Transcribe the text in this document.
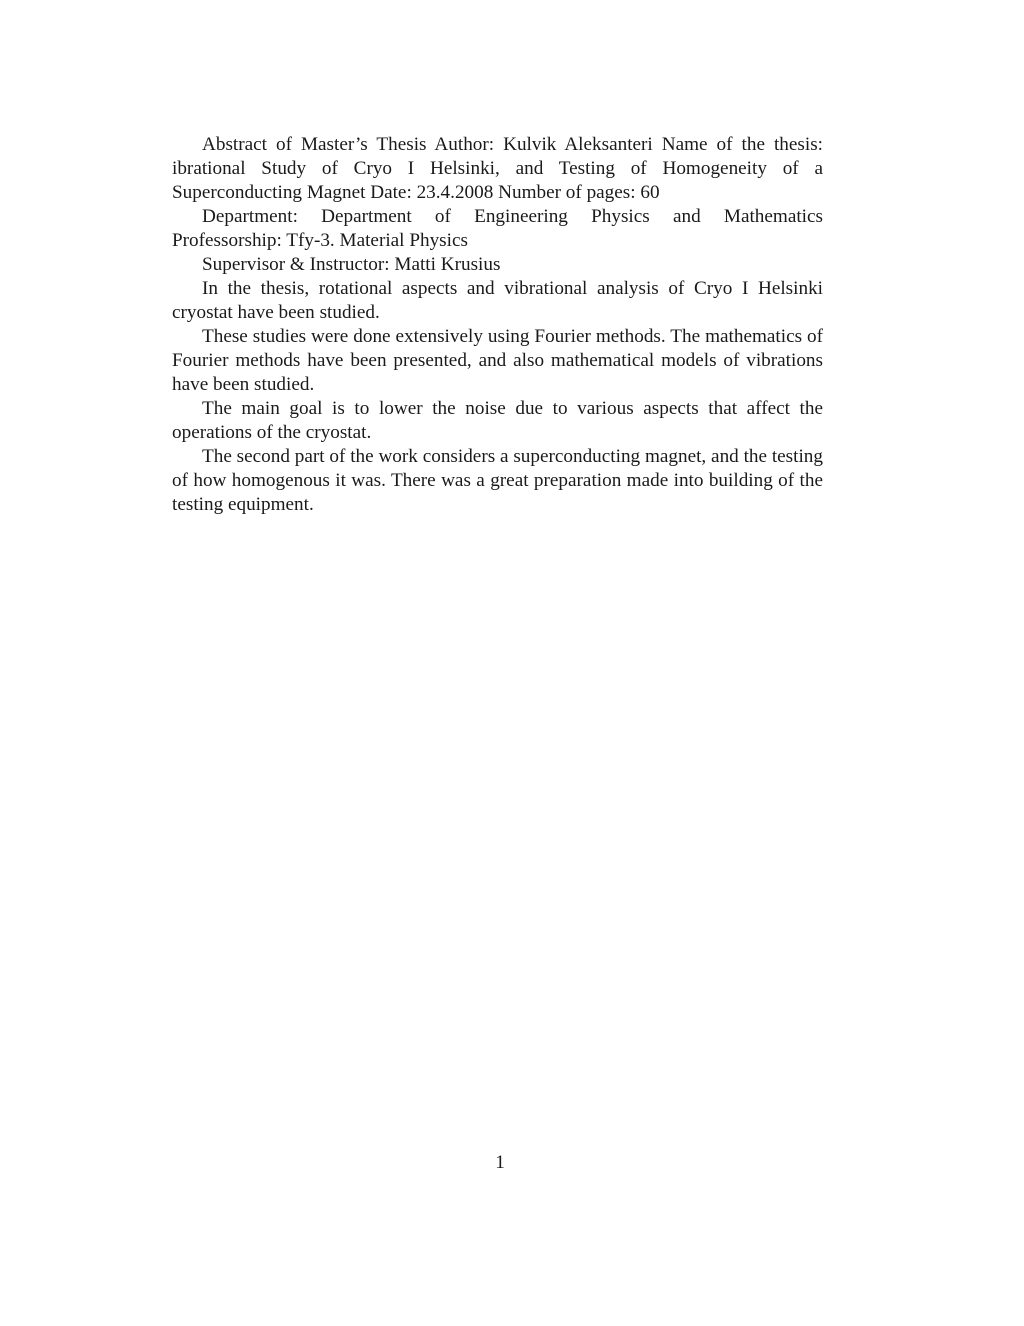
Abstract of Master’s Thesis Author: Kulvik Aleksanteri Name of the thesis: ibrational Study of Cryo I Helsinki, and Testing of Homogeneity of a Superconducting Magnet Date: 23.4.2008 Number of pages: 60

Department: Department of Engineering Physics and Mathematics Professorship: Tfy-3. Material Physics

Supervisor & Instructor: Matti Krusius

In the thesis, rotational aspects and vibrational analysis of Cryo I Helsinki cryostat have been studied.

These studies were done extensively using Fourier methods. The mathematics of Fourier methods have been presented, and also mathematical models of vibrations have been studied.

The main goal is to lower the noise due to various aspects that affect the operations of the cryostat.

The second part of the work considers a superconducting magnet, and the testing of how homogenous it was. There was a great preparation made into building of the testing equipment.

1
